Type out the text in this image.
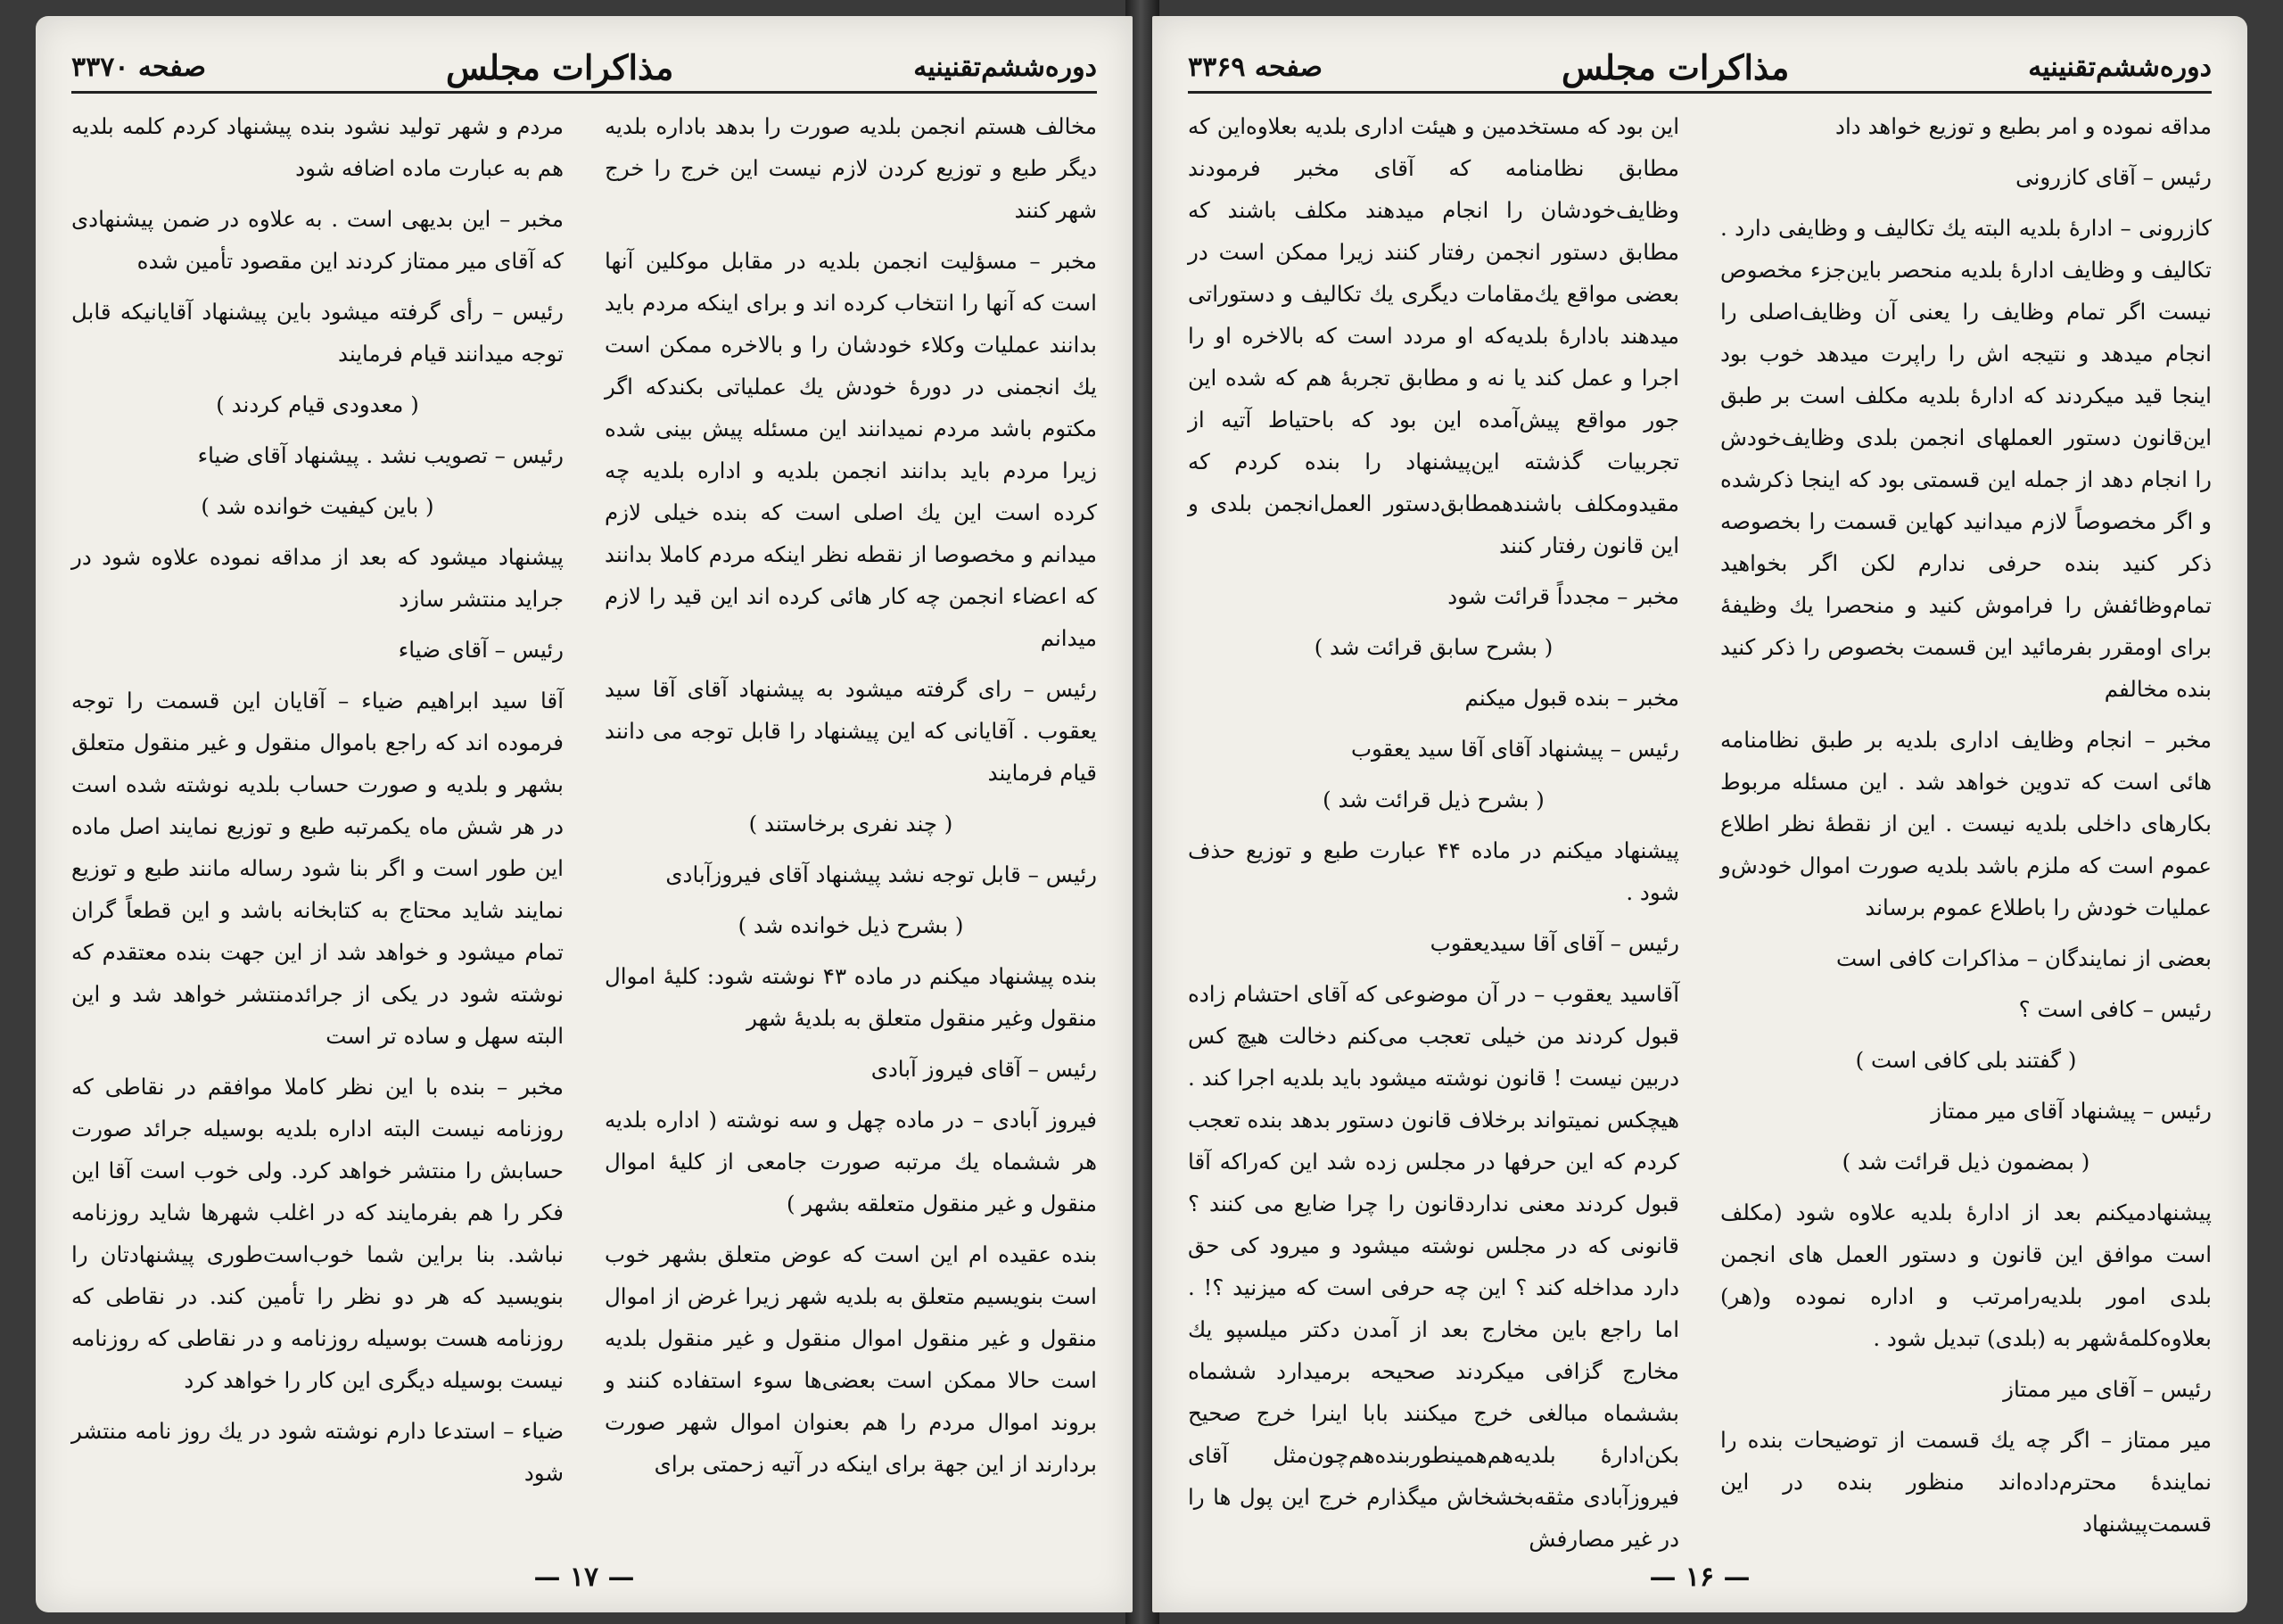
دوره‌ششم‌تقنینیه
مذاکرات مجلس
صفحه ۳۳۷۰

مخالف هستم انجمن بلدیه صورت را بدهد باداره بلدیه دیگر طبع و توزیع کردن لازم نیست این خرج را خرج شهر کنند

مخبر – مسؤلیت انجمن بلدیه در مقابل موکلین آنها است که آنها را انتخاب کرده اند و برای اینکه مردم باید بدانند عملیات وکلاء خودشان را و بالاخره ممکن است یك انجمنی در دورهٔ خودش یك عملیاتی بکندکه اگر مکتوم باشد مردم نمیدانند این مسئله پیش بینی شده زیرا مردم باید بدانند انجمن بلدیه و اداره بلدیه چه کرده است این یك اصلی است که بنده خیلی لازم میدانم و مخصوصا از نقطه نظر اینکه مردم کاملا بدانند که اعضاء انجمن چه کار هائی کرده اند این قید را لازم میدانم

رئیس – رای گرفته میشود به پیشنهاد آقای آقا سید یعقوب . آقایانی که این پیشنهاد را قابل توجه می دانند قیام فرمایند

( چند نفری برخاستند )

رئیس – قابل توجه نشد پیشنهاد آقای فیروزآبادی

( بشرح ذیل خوانده شد )

بنده پیشنهاد میکنم در ماده ۴۳ نوشته شود: کلیهٔ اموال منقول وغیر منقول متعلق به بلدیهٔ شهر

رئیس – آقای فیروز آبادی

فیروز آبادی – در ماده چهل و سه نوشته ( اداره بلدیه هر ششماه یك مرتبه صورت جامعی از کلیهٔ اموال منقول و غیر منقول متعلقه بشهر )

بنده عقیده ام این است که عوض متعلق بشهر خوب است بنویسیم متعلق به بلدیه شهر زیرا غرض از اموال منقول و غیر منقول اموال منقول و غیر منقول بلدیه است حالا ممکن است بعضی‌ها سوء استفاده کنند و بروند اموال مردم را هم بعنوان اموال شهر صورت بردارند از این جهة برای اینکه در آتیه زحمتی برای

مردم و شهر تولید نشود بنده پیشنهاد کردم کلمه بلدیه هم به عبارت ماده اضافه شود

مخبر – این بدیهی است . به علاوه در ضمن پیشنهادی که آقای میر ممتاز کردند این مقصود تأمین شده

رئیس – رأی گرفته میشود باین پیشنهاد آقایانیکه قابل توجه میدانند قیام فرمایند

( معدودی قیام کردند )

رئیس – تصویب نشد . پیشنهاد آقای ضیاء

( باین کیفیت خوانده شد )

پیشنهاد میشود که بعد از مداقه نموده علاوه شود در جراید منتشر سازد

رئیس – آقای ضیاء

آقا سید ابراهیم ضیاء – آقایان این قسمت را توجه فرموده اند که راجع باموال منقول و غیر منقول متعلق بشهر و بلدیه و صورت حساب بلدیه نوشته شده است در هر شش ماه یکمرتبه طبع و توزیع نمایند اصل ماده این طور است و اگر بنا شود رساله مانند طبع و توزیع نمایند شاید محتاج به کتابخانه باشد و این قطعاً گران تمام میشود و خواهد شد از این جهت بنده معتقدم که نوشته شود در یکی از جرائدمنتشر خواهد شد و این البته سهل و ساده تر است

مخبر – بنده با این نظر کاملا موافقم در نقاطی که روزنامه نیست البته اداره بلدیه بوسیله جرائد صورت حسابش را منتشر خواهد کرد. ولی خوب است آقا این فکر را هم بفرمایند که در اغلب شهرها شاید روزنامه نباشد. بنا براین شما خوب‌است‌طوری پیشنهادتان را بنویسید که هر دو نظر را تأمین کند. در نقاطی که روزنامه هست بوسیله روزنامه و در نقاطی که روزنامه نیست بوسیله دیگری این کار را خواهد کرد

ضیاء – استدعا دارم نوشته شود در یك روز نامه منتشر شود

— ۱۷ —
دوره‌ششم‌تقنینیه
مذاکرات مجلس
صفحه ۳۳۶۹

مداقه نموده و امر بطبع و توزیع خواهد داد

رئیس – آقای کازرونی

کازرونی – ادارهٔ بلدیه البته یك تکالیف و وظایفی دارد . تکالیف و وظایف ادارهٔ بلدیه منحصر باین‌جزء مخصوص نیست اگر تمام وظایف را یعنی آن وظایف‌اصلی را انجام میدهد و نتیجه اش را راپرت میدهد خوب بود اینجا قید میکردند که ادارهٔ بلدیه مکلف است بر طبق این‌قانون دستور العملهای انجمن بلدی وظایف‌خودش را انجام دهد از جمله این قسمتی بود که اینجا ذکرشده و اگر مخصوصاً لازم میدانید کهاین قسمت را بخصوصه ذکر کنید بنده حرفی ندارم لکن اگر بخواهید تمام‌وظائفش را فراموش کنید و منحصرا یك وظیفهٔ برای اومقرر بفرمائید این قسمت بخصوص را ذکر کنید بنده مخالفم

مخبر – انجام وظایف اداری بلدیه بر طبق نظامنامه هائی است که تدوین خواهد شد . این مسئله مربوط بکارهای داخلی بلدیه نیست . این از نقطهٔ نظر اطلاع عموم است که ملزم باشد بلدیه صورت اموال خودش‌و عملیات خودش را باطلاع عموم برساند

بعضی از نمایندگان – مذاکرات کافی است

رئیس – کافی است ؟

( گفتند بلی کافی است )

رئیس – پیشنهاد آقای میر ممتاز

( بمضمون ذیل قرائت شد )

پیشنهادمیکنم بعد از ادارهٔ بلدیه علاوه شود (مکلف است موافق این قانون و دستور العمل های انجمن بلدی امور بلدیه‌رامرتب و اداره نموده و(هر) بعلاوه‌کلمهٔ‌شهر به (بلدی) تبدیل شود .

رئیس – آقای میر ممتاز

میر ممتاز – اگر چه یك قسمت از توضیحات بنده را نمایندهٔ محترم‌داده‌اند منظور بنده در این قسمت‌پیشنهاد

این بود که مستخدمین و هیئت اداری بلدیه بعلاوه‌این که مطابق نظامنامه که آقای مخبر فرمودند وظایف‌خودشان را انجام میدهند مکلف باشند که مطابق دستور انجمن رفتار کنند زیرا ممکن است در بعضی مواقع یك‌مقامات دیگری یك تکالیف و دستوراتی میدهند بادارهٔ بلدیه‌که او مردد است که بالاخره او را اجرا و عمل کند یا نه و مطابق تجربهٔ هم که شده این جور مواقع پیش‌آمده این بود که باحتیاط آتیه از تجربیات گذشته این‌پیشنهاد را بنده کردم که مقیدومکلف باشندهمطابق‌دستور العمل‌انجمن بلدی و این قانون رفتار کنند

مخبر – مجدداً قرائت شود

( بشرح سابق قرائت شد )

مخبر – بنده قبول میکنم

رئیس – پیشنهاد آقای آقا سید یعقوب

( بشرح ذیل قرائت شد )

پیشنهاد میکنم در ماده ۴۴ عبارت طبع و توزیع حذف شود .

رئیس – آقای آقا سیدیعقوب

آقاسید یعقوب – در آن موضوعی که آقای احتشام زاده قبول کردند من خیلی تعجب می‌کنم دخالت هیچ کس دربین نیست ! قانون نوشته میشود باید بلدیه اجرا کند . هیچکس نمیتواند برخلاف قانون دستور بدهد بنده تعجب کردم که این حرفها در مجلس زده شد این که‌راکه آقا قبول کردند معنی نداردقانون را چرا ضایع می کنند ؟ قانونی که در مجلس نوشته میشود و میرود کی حق دارد مداخله کند ؟ این چه حرفی است که میزنید ؟! . اما راجع باین مخارج بعد از آمدن دکتر میلسپو یك مخارج گزافی میکردند صحیحه برمیدارد ششماه بششماه مبالغی خرج میکنند بابا اینرا خرج صحیح بکن‌ادارهٔ بلدیه‌هم‌همینطور‌بنده‌هم‌چون‌مثل آقای فیروزآبادی مثقه‌بخشخاش میگذارم خرج این پول ها را در غیر مصارفش

— ۱۶ —
